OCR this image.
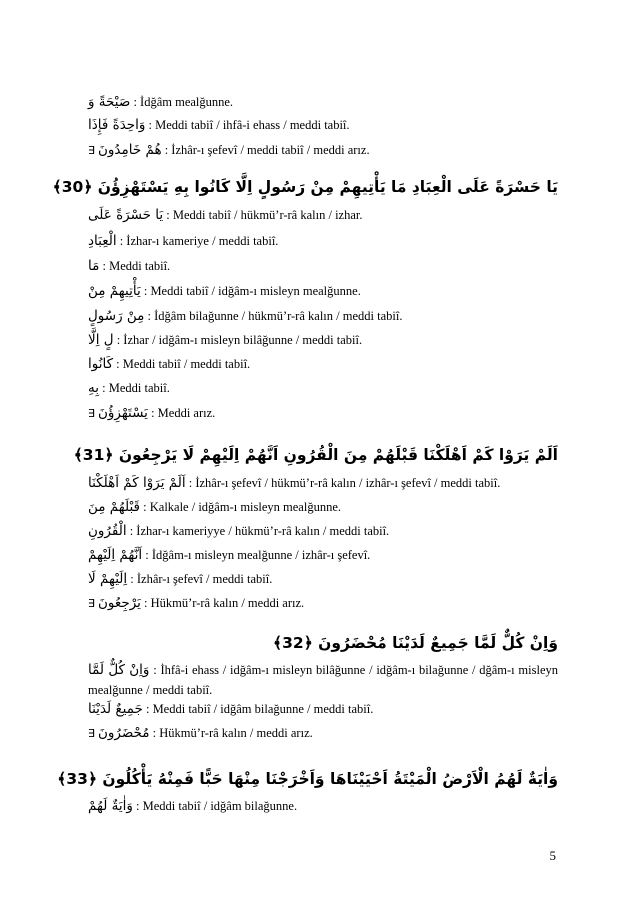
صَيْحَةً وَ : İdğâm mealğunne.
وَاحِدَةً فَإِذَا : Meddi tabiî / ihfâ-i ehass / meddi tabiî.
∃ هُمْ خَامِدُونَ : İzhâr-ı şefevî / meddi tabiî / meddi arız.
يَا حَسْرَةً عَلَى الْعِبَادِ مَا يَأْتِيهِمْ مِنْ رَسُولٍ اِلَّا كَانُوا بِهِ يَسْتَهْزِؤُنَ ﴿30﴾
يَا حَسْرَةً عَلَى : Meddi tabiî / hükmü’r-râ kalın / izhar.
الْعِبَادِ : İzhar-ı kameriye / meddi tabiî.
مَا : Meddi tabiî.
يَأْتِيهِمْ مِنْ : Meddi tabiî / idğâm-ı misleyn mealğunne.
مِنْ رَسُولٍ : İdğâm bilağunne / hükmü’r-râ kalın / meddi tabiî.
لٍ اِلَّا : İzhar / idğâm-ı misleyn bilâğunne / meddi tabiî.
كَانُوا : Meddi tabiî / meddi tabiî.
بِهِ : Meddi tabiî.
∃ يَسْتَهْزِؤُنَ : Meddi arız.
اَلَمْ يَرَوْا كَمْ اَهْلَكْنَا قَبْلَهُمْ مِنَ الْقُرُونِ اَنَّهُمْ اِلَيْهِمْ لَا يَرْجِعُونَ ﴿31﴾
اَلَمْ يَرَوْا كَمْ اَهْلَكْنَا : İzhâr-ı şefevî / hükmü’r-râ kalın / izhâr-ı şefevî / meddi tabiî.
قَبْلَهُمْ مِنَ : Kalkale / idğâm-ı misleyn mealğunne.
الْقُرُونِ : İzhar-ı kameriyye / hükmü’r-râ kalın / meddi tabiî.
اَنَّهُمْ اِلَيْهِمْ : İdğâm-ı misleyn mealğunne / izhâr-ı şefevî.
اِلَيْهِمْ لَا : İzhâr-ı şefevî / meddi tabiî.
∃ يَرْجِعُونَ : Hükmü’r-râ kalın / meddi arız.
وَاِنْ كُلٌّ لَمَّا جَمِيعٌ لَدَيْنَا مُحْضَرُونَ ﴿32﴾
وَاِنْ كُلٌّ لَمَّا : İhfâ-i ehass / idğâm-ı misleyn bilâğunne / idğâm-ı bilağunne / dğâm-ı misleyn mealğunne / meddi tabiî.
جَمِيعٌ لَدَيْنَا : Meddi tabiî / idğâm bilağunne / meddi tabiî.
∃ مُحْضَرُونَ : Hükmü’r-râ kalın / meddi arız.
وَاٰيَةٌ لَهُمُ الْاَرْضُ الْمَيْتَةُ اَحْيَيْنَاهَا وَاَخْرَجْنَا مِنْهَا حَبًّا فَمِنْهُ يَأْكُلُونَ ﴿33﴾
وَاٰيَةٌ لَهُمْ : Meddi tabiî / idğâm bilağunne.
5
